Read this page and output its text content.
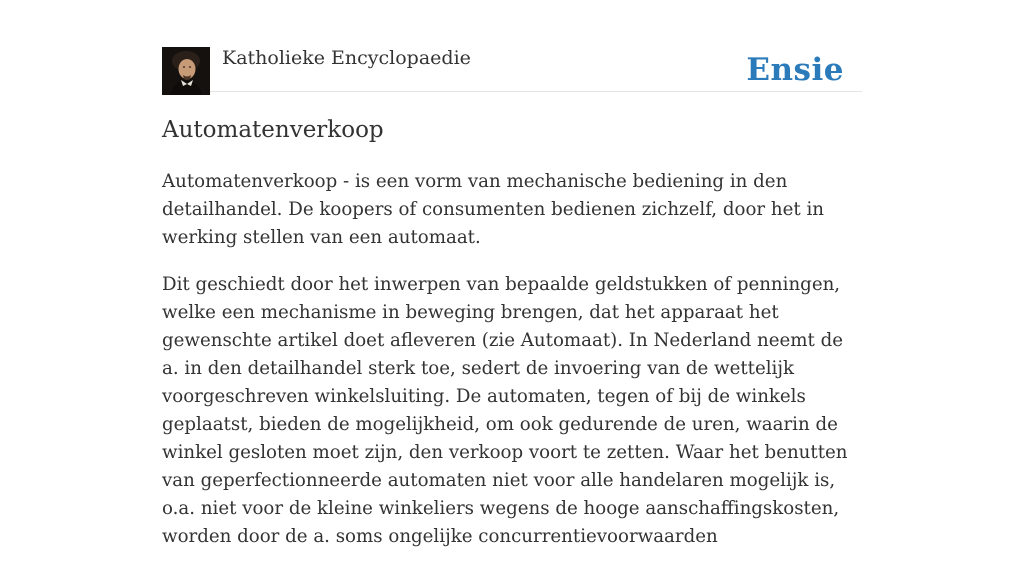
Katholieke Encyclopaedie	Ensie
Automatenverkoop

Automatenverkoop - is een vorm van mechanische bediening in den detailhandel. De koopers of consumenten bedienen zichzelf, door het in werking stellen van een automaat.

Dit geschiedt door het inwerpen van bepaalde geldstukken of penningen, welke een mechanisme in beweging brengen, dat het apparaat het gewenschte artikel doet afleveren (zie Automaat). In Nederland neemt de a. in den detailhandel sterk toe, sedert de invoering van de wettelijk voorgeschreven winkelsluiting. De automaten, tegen of bij de winkels geplaatst, bieden de mogelijkheid, om ook gedurende de uren, waarin de winkel gesloten moet zijn, den verkoop voort te zetten. Waar het benutten van geperfectionneerde automaten niet voor alle handelaren mogelijk is, o.a. niet voor de kleine winkeliers wegens de hooge aanschaffingskosten, worden door de a. soms ongelijke concurrentievoorwaarden
